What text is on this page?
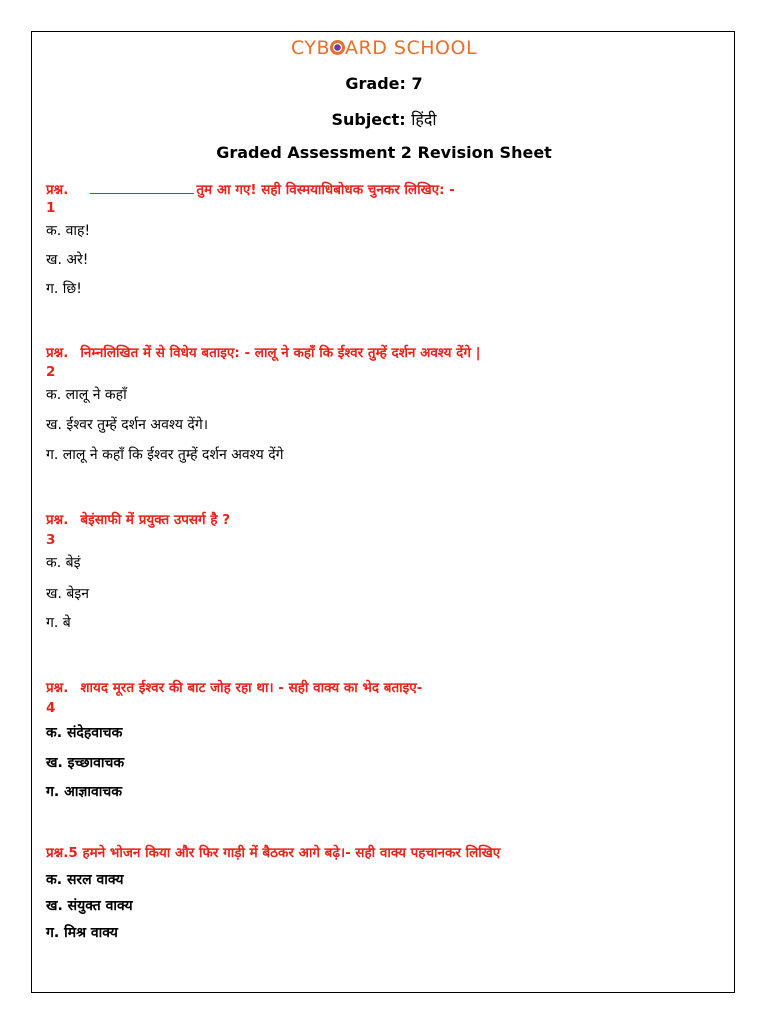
CYB ARD SCHOOL
Grade: 7
Subject: हिंदी
Graded Assessment 2 Revision Sheet
प्रश्न.	तुम आ गए! सही विस्मयाधिबोधक चुनकर लिखिए: -
1
क. वाह!
ख. अरे!
ग. छि!
प्रश्न. निम्नलिखित में से विधेय बताइए: - लालू ने कहाँ कि ईश्वर तुम्हें दर्शन अवश्य देंगे |
2
क. लालू ने कहाँ
ख. ईश्वर तुम्हें दर्शन अवश्य देंगे।
ग. लालू ने कहाँ कि ईश्वर तुम्हें दर्शन अवश्य देंगे
प्रश्न. बेइंसाफी में प्रयुक्त उपसर्ग है ?
3
क. बेइं
ख. बेइन
ग. बे
प्रश्न. शायद मूरत ईश्वर की बाट जोह रहा था। - सही वाक्य का भेद बताइए-
4
क. संदेहवाचक
ख. इच्छावाचक
ग. आज्ञावाचक
प्रश्न.5 हमने भोजन किया और फिर गाड़ी में बैठकर आगे बढ़े।- सही वाक्य पहचानकर लिखिए
क. सरल वाक्य
ख. संयुक्त वाक्य
ग. मिश्र वाक्य
